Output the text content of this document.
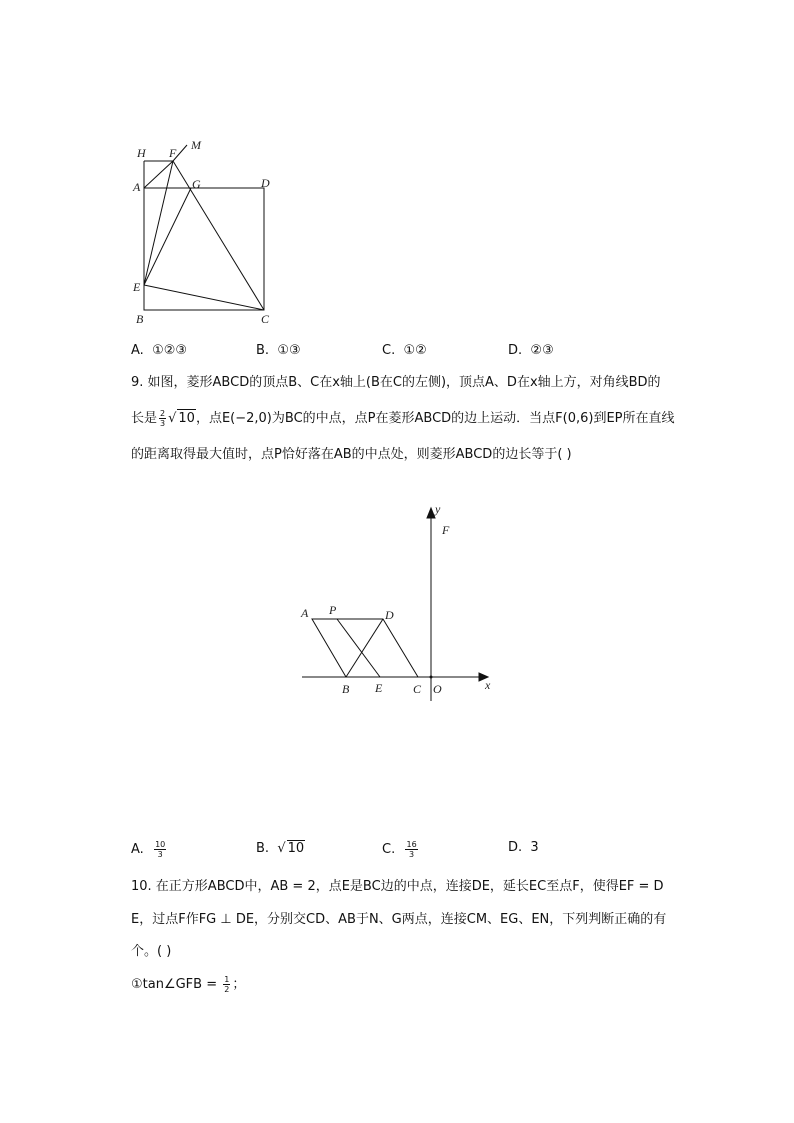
H F
M
A	G	D
E
B	C
A. ①②③	B. ①③	C. ①②	D. ②③
9. 如图，菱形ABCD的顶点B、C在x轴上(B在C的左侧)，顶点A、D在x轴上方，对角线BD的
长是 $\frac{2}{3}$ √ 10，点E(−2,0)为BC的中点，点P在菱形ABCD的边上运动．当点F(0,6)到EP所在直线
的距离取得最大值时，点P恰好落在AB的中点处，则菱形ABCD的边长等于( )
y
F
A P	D
B E	C O	x
A. $\frac{10}{3}$	B. √ 10	C. $\frac{16}{3}$	D. 3
10. 在正方形ABCD中，AB = 2，点E是BC边的中点，连接DE，延长EC至点F，使得EF = D
E，过点F作FG ⊥ DE，分别交CD、AB于N、G两点，连接CM、EG、EN，下列判断正确的有
个。( )
①tan∠GFB = $\frac{1}{2}$ ；
